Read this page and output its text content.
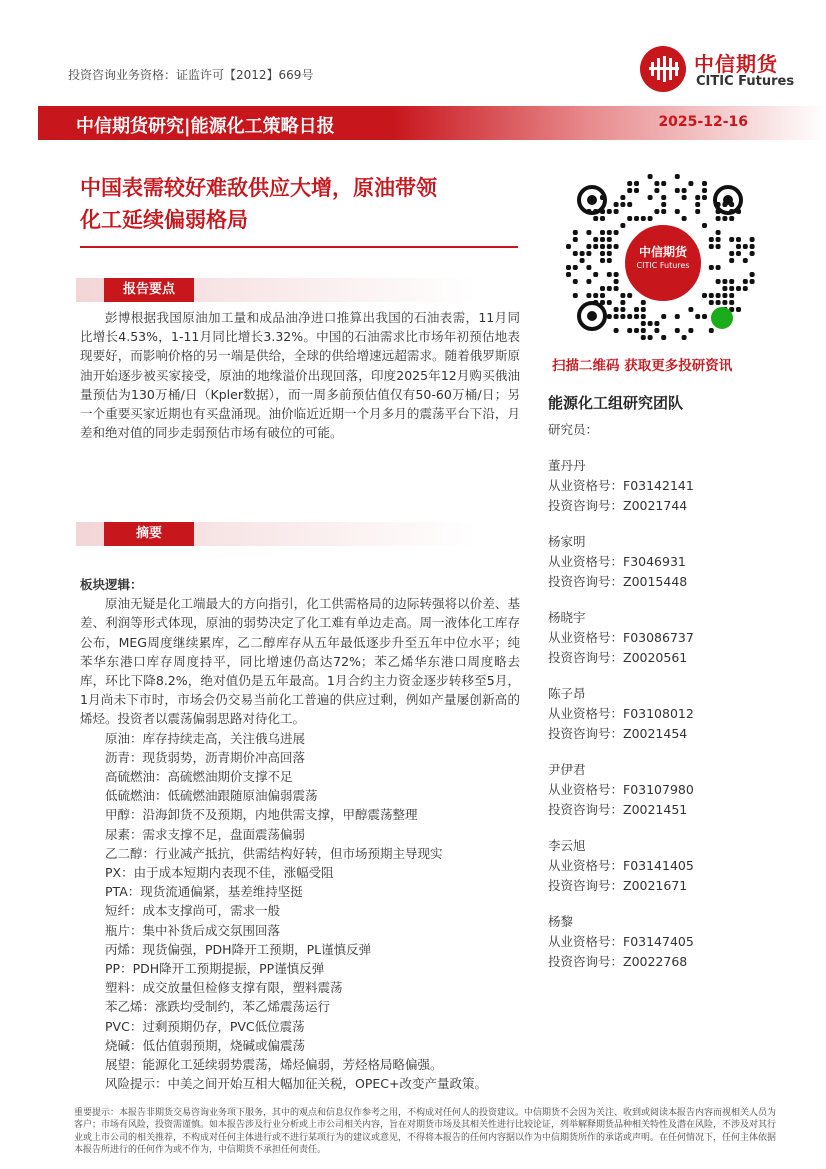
投资咨询业务资格：证监许可【2012】669号	中信期货
CITIC Futures
中信期货研究|能源化工策略日报	2025-12-16
中国表需较好难敌供应大增，原油带领
化工延续偏弱格局
报告要点

彭博根据我国原油加工量和成品油净进口推算出我国的石油表需，11月同比增长4.53%，1-11月同比增长3.32%。中国的石油需求比市场年初预估地表现要好，而影响价格的另一端是供给，全球的供给增速远超需求。随着俄罗斯原油开始逐步被买家接受，原油的地缘溢价出现回落，印度2025年12月购买俄油量预估为130万桶/日（Kpler数据），而一周多前预估值仅有50-60万桶/日；另一个重要买家近期也有买盘涌现。油价临近近期一个月多月的震荡平台下沿，月差和绝对值的同步走弱预估市场有破位的可能。

摘要
板块逻辑：

原油无疑是化工端最大的方向指引，化工供需格局的边际转强将以价差、基差、利润等形式体现，原油的弱势决定了化工难有单边走高。周一液体化工库存公布，MEG周度继续累库，乙二醇库存从五年最低逐步升至五年中位水平；纯苯华东港口库存周度持平，同比增速仍高达72%；苯乙烯华东港口周度略去库，环比下降8.2%，绝对值仍是五年最高。1月合约主力资金逐步转移至5月，1月尚未下市时，市场会仍交易当前化工普遍的供应过剩，例如产量屡创新高的烯烃。投资者以震荡偏弱思路对待化工。

原油：库存持续走高，关注俄乌进展
沥青：现货弱势，沥青期价冲高回落
高硫燃油：高硫燃油期价支撑不足
低硫燃油：低硫燃油跟随原油偏弱震荡
甲醇：沿海卸货不及预期，内地供需支撑，甲醇震荡整理
尿素：需求支撑不足，盘面震荡偏弱
乙二醇：行业减产抵抗，供需结构好转，但市场预期主导现实
PX：由于成本短期内表现不佳，涨幅受阻
PTA：现货流通偏紧，基差维持坚挺
短纤：成本支撑尚可，需求一般
瓶片：集中补货后成交氛围回落
丙烯：现货偏强，PDH降开工预期，PL谨慎反弹
PP：PDH降开工预期提振，PP谨慎反弹
塑料：成交放量但检修支撑有限，塑料震荡
苯乙烯：涨跌均受制约，苯乙烯震荡运行
PVC：过剩预期仍存，PVC低位震荡
烧碱：低估值弱预期，烧碱或偏震荡
展望：能源化工延续弱势震荡，烯烃偏弱，芳烃格局略偏强。
风险提示：中美之间开始互相大幅加征关税，OPEC+改变产量政策。
中信期货
CITIC Futures
扫描二维码 获取更多投研资讯
能源化工组研究团队
研究员：
董丹丹
从业资格号：F03142141
投资咨询号：Z0021744
杨家明
从业资格号：F3046931
投资咨询号：Z0015448
杨晓宇
从业资格号：F03086737
投资咨询号：Z0020561
陈子昂
从业资格号：F03108012
投资咨询号：Z0021454
尹伊君
从业资格号：F03107980
投资咨询号：Z0021451
李云旭
从业资格号：F03141405
投资咨询号：Z0021671
杨黎
从业资格号：F03147405
投资咨询号：Z0022768
重要提示：本报告非期货交易咨询业务项下服务，其中的观点和信息仅作参考之用，不构成对任何人的投资建议。中信期货不会因为关注、收到或阅读本报告内容而视相关人员为客户；市场有风险，投资需谨慎。如本报告涉及行业分析或上市公司相关内容，旨在对期货市场及其相关性进行比较论证，列举解释期货品种相关特性及潜在风险，不涉及对其行业或上市公司的相关推荐，不构成对任何主体进行或不进行某项行为的建议或意见，不得将本报告的任何内容据以作为中信期货所作的承诺或声明。在任何情况下，任何主体依据本报告所进行的任何作为或不作为，中信期货不承担任何责任。
